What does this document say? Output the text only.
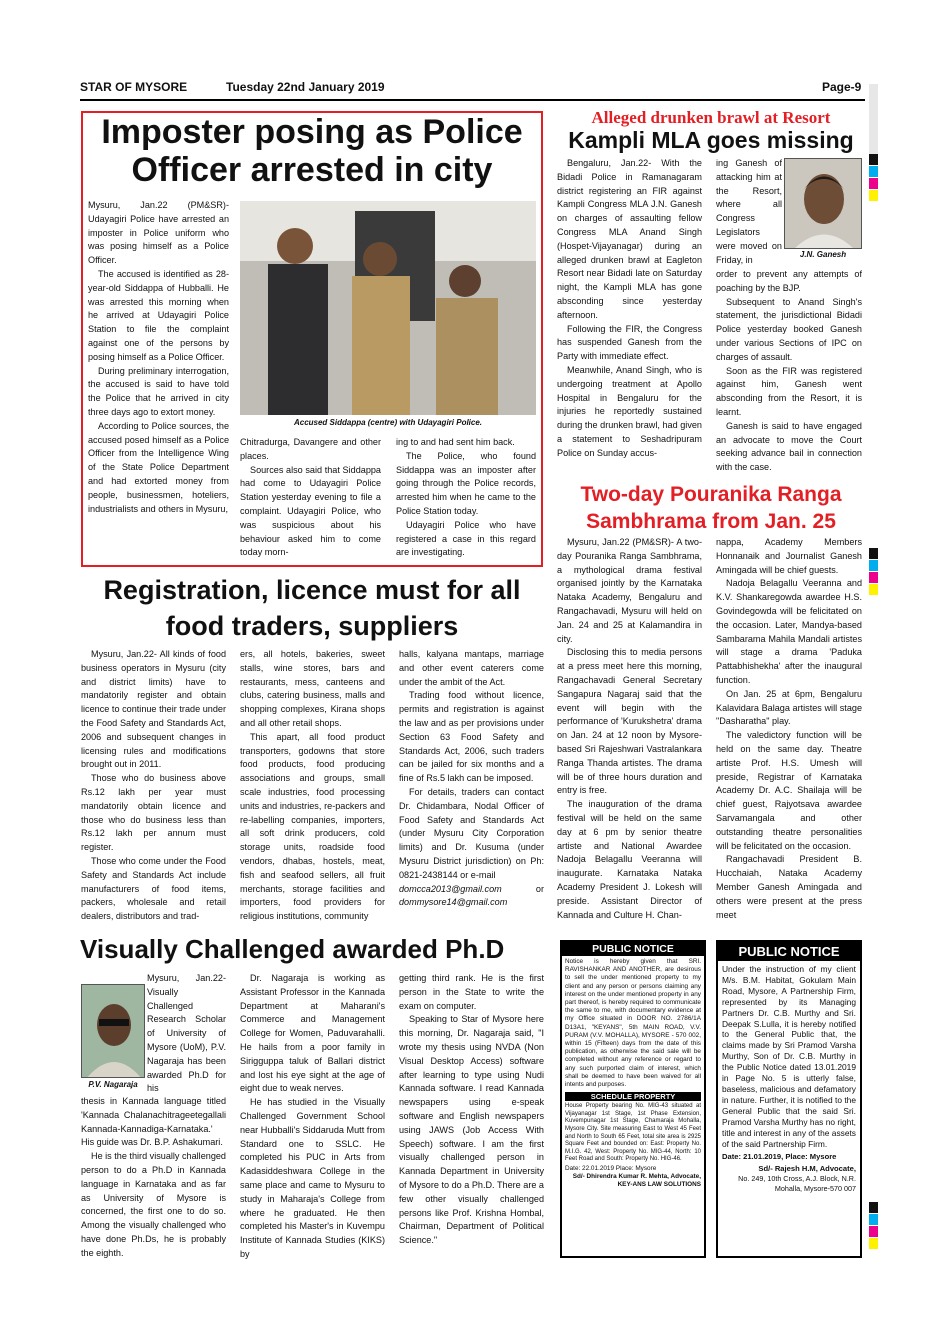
STAR OF MYSORE	Tuesday 22nd January 2019	Page-9
Imposter posing as Police Officer arrested in city

Mysuru, Jan.22 (PM&SR)- Udayagiri Police have arrested an imposter in Police uniform who was posing himself as a Police Officer.

The accused is identified as 28-year-old Siddappa of Hubballi. He was arrested this morning when he arrived at Udayagiri Police Station to file the complaint against one of the persons by posing himself as a Police Officer.

During preliminary interrogation, the accused is said to have told the Police that he arrived in city three days ago to extort money.

According to Police sources, the accused posed himself as a Police Officer from the Intelligence Wing of the State Police Department and had extorted money from people, businessmen, hoteliers, industrialists and others in Mysuru,

Accused Siddappa (centre) with Udayagiri Police.

Chitradurga, Davangere and other places.

Sources also said that Siddappa had come to Udayagiri Police Station yesterday evening to file a complaint. Udayagiri Police, who was suspicious about his behaviour asked him to come today morn-

ing to and had sent him back.

The Police, who found Siddappa was an imposter after going through the Police records, arrested him when he came to the Police Station today.

Udayagiri Police who have registered a case in this regard are investigating.

Alleged drunken brawl at Resort
Kampli MLA goes missing

Bengaluru, Jan.22- With the Bidadi Police in Ramanagaram district registering an FIR against Kampli Congress MLA J.N. Ganesh on charges of assaulting fellow Congress MLA Anand Singh (Hospet-Vijayanagar) during an alleged drunken brawl at Eagleton Resort near Bidadi late on Saturday night, the Kampli MLA has gone absconding since yesterday afternoon.

Following the FIR, the Congress has suspended Ganesh from the Party with immediate effect.

Meanwhile, Anand Singh, who is undergoing treatment at Apollo Hospital in Bengaluru for the injuries he reportedly sustained during the drunken brawl, had given a statement to Seshadripuram Police on Sunday accus-

ing Ganesh of attacking him at the Resort, where all Congress Legislators were moved on Friday, in

J.N. Ganesh

order to prevent any attempts of poaching by the BJP.

Subsequent to Anand Singh's statement, the jurisdictional Bidadi Police yesterday booked Ganesh under various Sections of IPC on charges of assault.

Soon as the FIR was registered against him, Ganesh went absconding from the Resort, it is learnt.

Ganesh is said to have engaged an advocate to move the Court seeking advance bail in connection with the case.

Two-day Pouranika Ranga Sambhrama from Jan. 25

Mysuru, Jan.22 (PM&SR)- A two-day Pouranika Ranga Sambhrama, a mythological drama festival organised jointly by the Karnataka Nataka Academy, Bengaluru and Rangachavadi, Mysuru will held on Jan. 24 and 25 at Kalamandira in city.

Disclosing this to media persons at a press meet here this morning, Rangachavadi General Secretary Sangapura Nagaraj said that the event will begin with the performance of 'Kurukshetra' drama on Jan. 24 at 12 noon by Mysore-based Sri Rajeshwari Vastralankara Ranga Thanda artistes. The drama will be of three hours duration and entry is free.

The inauguration of the drama festival will be held on the same day at 6 pm by senior theatre artiste and National Awardee Nadoja Belagallu Veeranna will inaugurate. Karnataka Nataka Academy President J. Lokesh will preside. Assistant Director of Kannada and Culture H. Chan-

nappa, Academy Members Honnanaik and Journalist Ganesh Amingada will be chief guests.

Nadoja Belagallu Veeranna and K.V. Shankaregowda awardee H.S. Govindegowda will be felicitated on the occasion. Later, Mandya-based Sambarama Mahila Mandali artistes will stage a drama 'Paduka Pattabhishekha' after the inaugural function.

On Jan. 25 at 6pm, Bengaluru Kalavidara Balaga artistes will stage "Dasharatha" play.

The valedictory function will be held on the same day. Theatre artiste Prof. H.S. Umesh will preside, Registrar of Karnataka Academy Dr. A.C. Shailaja will be chief guest, Rajyotsava awardee Sarvamangala and other outstanding theatre personalities will be felicitated on the occasion.

Rangachavadi President B. Hucchaiah, Nataka Academy Member Ganesh Amingada and others were present at the press meet

Registration, licence must for all food traders, suppliers

Mysuru, Jan.22- All kinds of food business operators in Mysuru (city and district limits) have to mandatorily register and obtain licence to continue their trade under the Food Safety and Standards Act, 2006 and subsequent changes in licensing rules and modifications brought out in 2011.

Those who do business above Rs.12 lakh per year must mandatorily obtain licence and those who do business less than Rs.12 lakh per annum must register.

Those who come under the Food Safety and Standards Act include manufacturers of food items, packers, wholesale and retail dealers, distributors and trad-

ers, all hotels, bakeries, sweet stalls, wine stores, bars and restaurants, mess, canteens and clubs, catering business, malls and shopping complexes, Kirana shops and all other retail shops.

This apart, all food product transporters, godowns that store food products, food producing associations and groups, small scale industries, food processing units and industries, re-packers and re-labelling companies, importers, all soft drink producers, cold storage units, roadside food vendors, dhabas, hostels, meat, fish and seafood sellers, all fruit merchants, storage facilities and importers, food providers for religious institutions, community

halls, kalyana mantaps, marriage and other event caterers come under the ambit of the Act.

Trading food without licence, permits and registration is against the law and as per provisions under Section 63 Food Safety and Standards Act, 2006, such traders can be jailed for six months and a fine of Rs.5 lakh can be imposed.

For details, traders can contact Dr. Chidambara, Nodal Officer of Food Safety and Standards Act (under Mysuru City Corporation limits) and Dr. Kusuma (under Mysuru District jurisdiction) on Ph: 0821-2438144 or e-mail

domcca2013@gmail.com	or dommysore14@gmail.com

Visually Challenged awarded Ph.D

Mysuru, Jan.22- Visually Challenged Research Scholar of University of Mysore (UoM), P.V. Nagaraja has been awarded Ph.D for his

P.V. Nagaraja

thesis in Kannada language titled 'Kannada Chalanachitrageetegallali Kannada-Kannadiga-Karnataka.' His guide was Dr. B.P. Ashakumari.

He is the third visually challenged person to do a Ph.D in Kannada language in Karnataka and as far as University of Mysore is concerned, the first one to do so. Among the visually challenged who have done Ph.Ds, he is probably the eighth.

Dr. Nagaraja is working as Assistant Professor in the Kannada Department at Maharani's Commerce and Management College for Women, Paduvarahalli. He hails from a poor family in Sirigguppa taluk of Ballari district and lost his eye sight at the age of eight due to weak nerves.

He has studied in the Visually Challenged Government School near Hubballi's Siddaruda Mutt from Standard one to SSLC. He completed his PUC in Arts from Kadasiddeshwara College in the same place and came to Mysuru to study in Maharaja's College from where he graduated. He then completed his Master's in Kuvempu Institute of Kannada Studies (KIKS) by

getting third rank. He is the first person in the State to write the exam on computer.

Speaking to Star of Mysore here this morning, Dr. Nagaraja said, "I wrote my thesis using NVDA (Non Visual Desktop Access) software after learning to type using Nudi Kannada software. I read Kannada newspapers using e-speak software and English newspapers using JAWS (Job Access With Speech) software. I am the first visually challenged person in Kannada Department in University of Mysore to do a Ph.D. There are a few other visually challenged persons like Prof. Krishna Hombal, Chairman, Department of Political Science."

PUBLIC NOTICE
Notice is hereby given that SRI. RAVISHANKAR AND ANOTHER, are desirous to sell the under mentioned property to my client and any person or persons claiming any interest on the under mentioned property in any part thereof, is hereby required to communicate the same to me, with documentary evidence at my Office situated in DOOR NO. 2786/1A D13A1, "KEYANS", 5th MAIN ROAD, V.V. PURAM (V.V. MOHALLA), MYSORE - 570 002, within 15 (Fifteen) days from the date of this publication, as otherwise the said sale will be completed without any reference or regard to any such purported claim of interest, which shall be deemed to have been waived for all intents and purposes.
SCHEDULE PROPERTY
House Property bearing No. MIG-43 situated at Vijayanagar 1st Stage, 1st Phase Extension, Kuvempunagar 1st Stage, Chamaraja Mohalla, Mysore City. Site measuring East to West 45 Feet and North to South 65 Feet, total site area is 2925 Square Feet and bounded on: East: Property No. M.I.G. 42, West: Property No. MIG-44, North: 10 Feet Road and South: Property No. HIG-46.
Date: 22.01.2019 Place: Mysore
Sd/- Dhirendra Kumar R. Mehta, Advocate,
KEY-ANS LAW SOLUTIONS
PUBLIC NOTICE
Under the instruction of my client M/s. B.M. Habitat, Gokulam Main Road, Mysore, A Partnership Firm, represented by its Managing Partners Dr. C.B. Murthy and Sri. Deepak S.Lulla, it is hereby notified to the General Public that, the claims made by Sri Pramod Varsha Murthy, Son of Dr. C.B. Murthy in the Public Notice dated 13.01.2019 in Page No. 5 is utterly false, baseless, malicious and defamatory in nature. Further, it is notified to the General Public that the said Sri. Pramod Varsha Murthy has no right, title and interest in any of the assets of the said Partnership Firm.
Date: 21.01.2019, Place: Mysore
Sd/- Rajesh H.M, Advocate,
No. 249, 10th Cross, A.J. Block, N.R. Mohalla, Mysore-570 007
